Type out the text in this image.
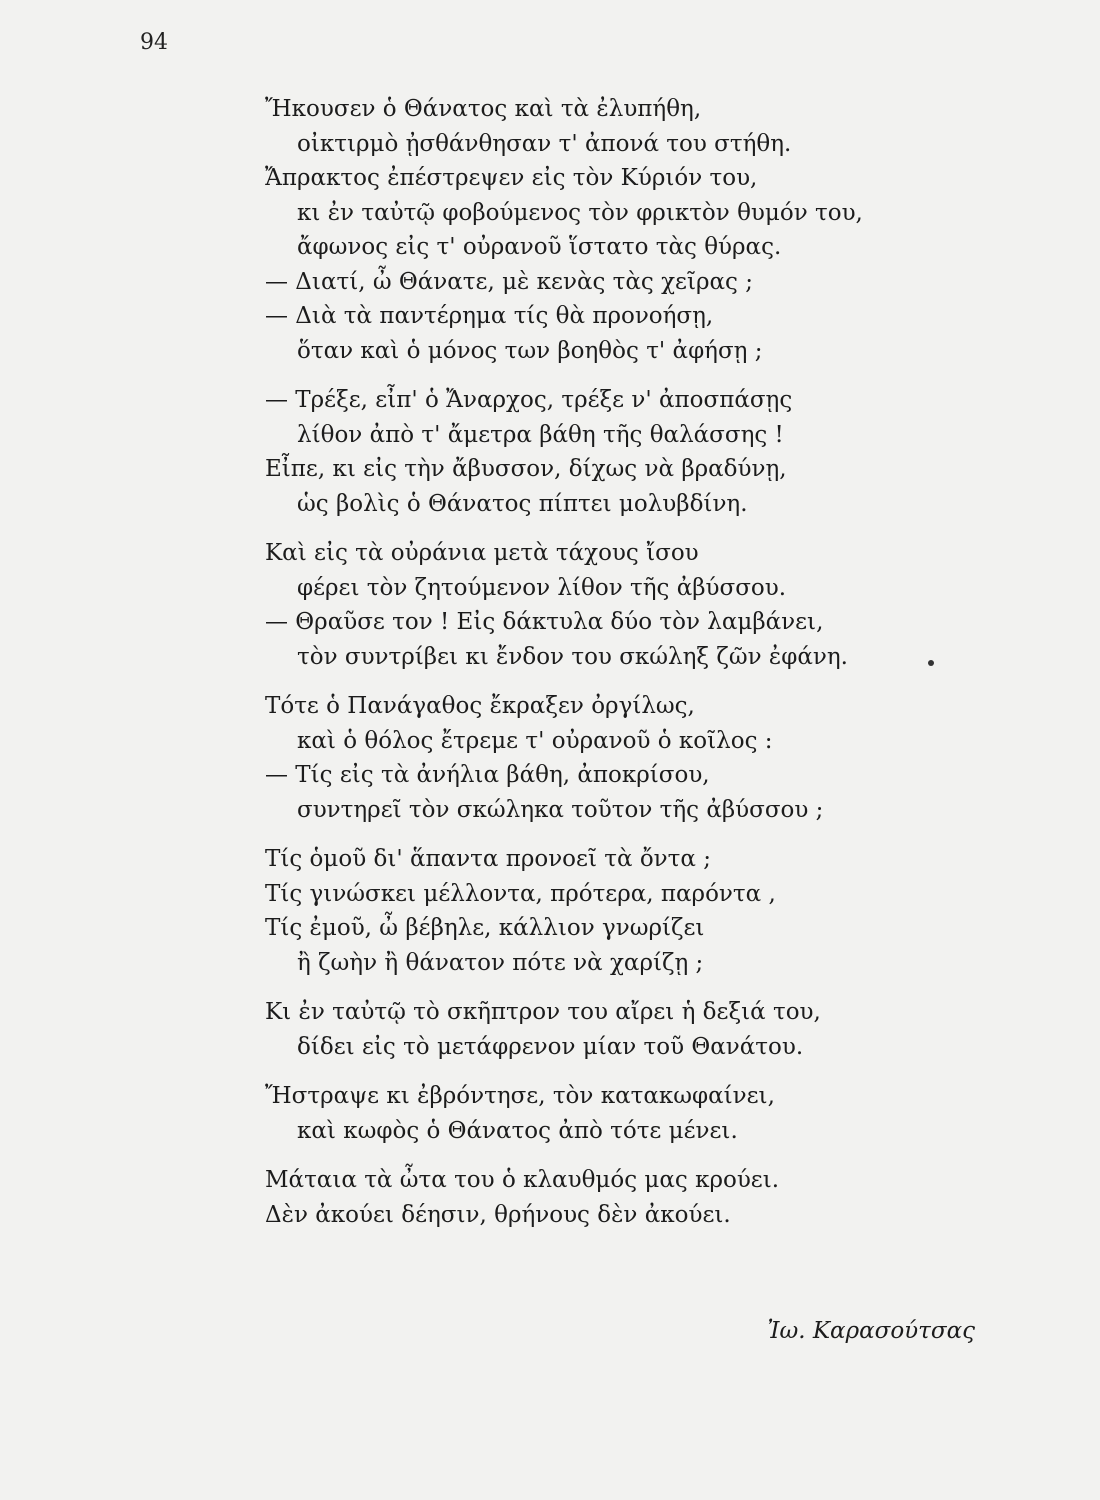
94
Ἤκουσεν ὁ Θάνατος καὶ τὰ ἐλυπήθη,
οἰκτιρμὸ ᾐσθάνθησαν τ' ἀπονά του στήθη.
Ἄπρακτος ἐπέστρεψεν εἰς τὸν Κύριόν του,
κι ἐν ταὐτῷ φοβούμενος τὸν φρικτὸν θυμόν του,
ἄφωνος εἰς τ' οὐρανοῦ ἵστατο τὰς θύρας.
— Διατί, ὦ Θάνατε, μὲ κενὰς τὰς χεῖρας ;
— Διὰ τὰ παντέρημα τίς θὰ προνοήσῃ,
ὅταν καὶ ὁ μόνος των βοηθὸς τ' ἀφήσῃ ;
— Τρέξε, εἶπ' ὁ Ἄναρχος, τρέξε ν' ἀποσπάσῃς
λίθον ἀπὸ τ' ἄμετρα βάθη τῆς θαλάσσης !
Εἶπε, κι εἰς τὴν ἄβυσσον, δίχως νὰ βραδύνῃ,
ὡς βολὶς ὁ Θάνατος πίπτει μολυβδίνη.
Καὶ εἰς τὰ οὐράνια μετὰ τάχους ἴσου
φέρει τὸν ζητούμενον λίθον τῆς ἀβύσσου.
— Θραῦσε τον ! Εἰς δάκτυλα δύο τὸν λαμβάνει,
τὸν συντρίβει κι ἔνδον του σκώληξ ζῶν ἐφάνη.
Τότε ὁ Πανάγαθος ἔκραξεν ὀργίλως,
καὶ ὁ θόλος ἔτρεμε τ' οὐρανοῦ ὁ κοῖλος :
— Τίς εἰς τὰ ἀνήλια βάθη, ἀποκρίσου,
συντηρεῖ τὸν σκώληκα τοῦτον τῆς ἀβύσσου ;
Τίς ὁμοῦ δι' ἅπαντα προνοεῖ τὰ ὄντα ;
Τίς γινώσκει μέλλοντα, πρότερα, παρόντα ,
Τίς ἐμοῦ, ὦ βέβηλε, κάλλιον γνωρίζει
ἢ ζωὴν ἢ θάνατον πότε νὰ χαρίζῃ ;
Κι ἐν ταὐτῷ τὸ σκῆπτρον του αἴρει ἡ δεξιά του,
δίδει εἰς τὸ μετάφρενον μίαν τοῦ Θανάτου.
Ἤστραψε κι ἐβρόντησε, τὸν κατακωφαίνει,
καὶ κωφὸς ὁ Θάνατος ἀπὸ τότε μένει.
Μάταια τὰ ὦτα του ὁ κλαυθμός μας κρούει.
Δὲν ἀκούει δέησιν, θρήνους δὲν ἀκούει.
Ἰω. Καρασούτσας
